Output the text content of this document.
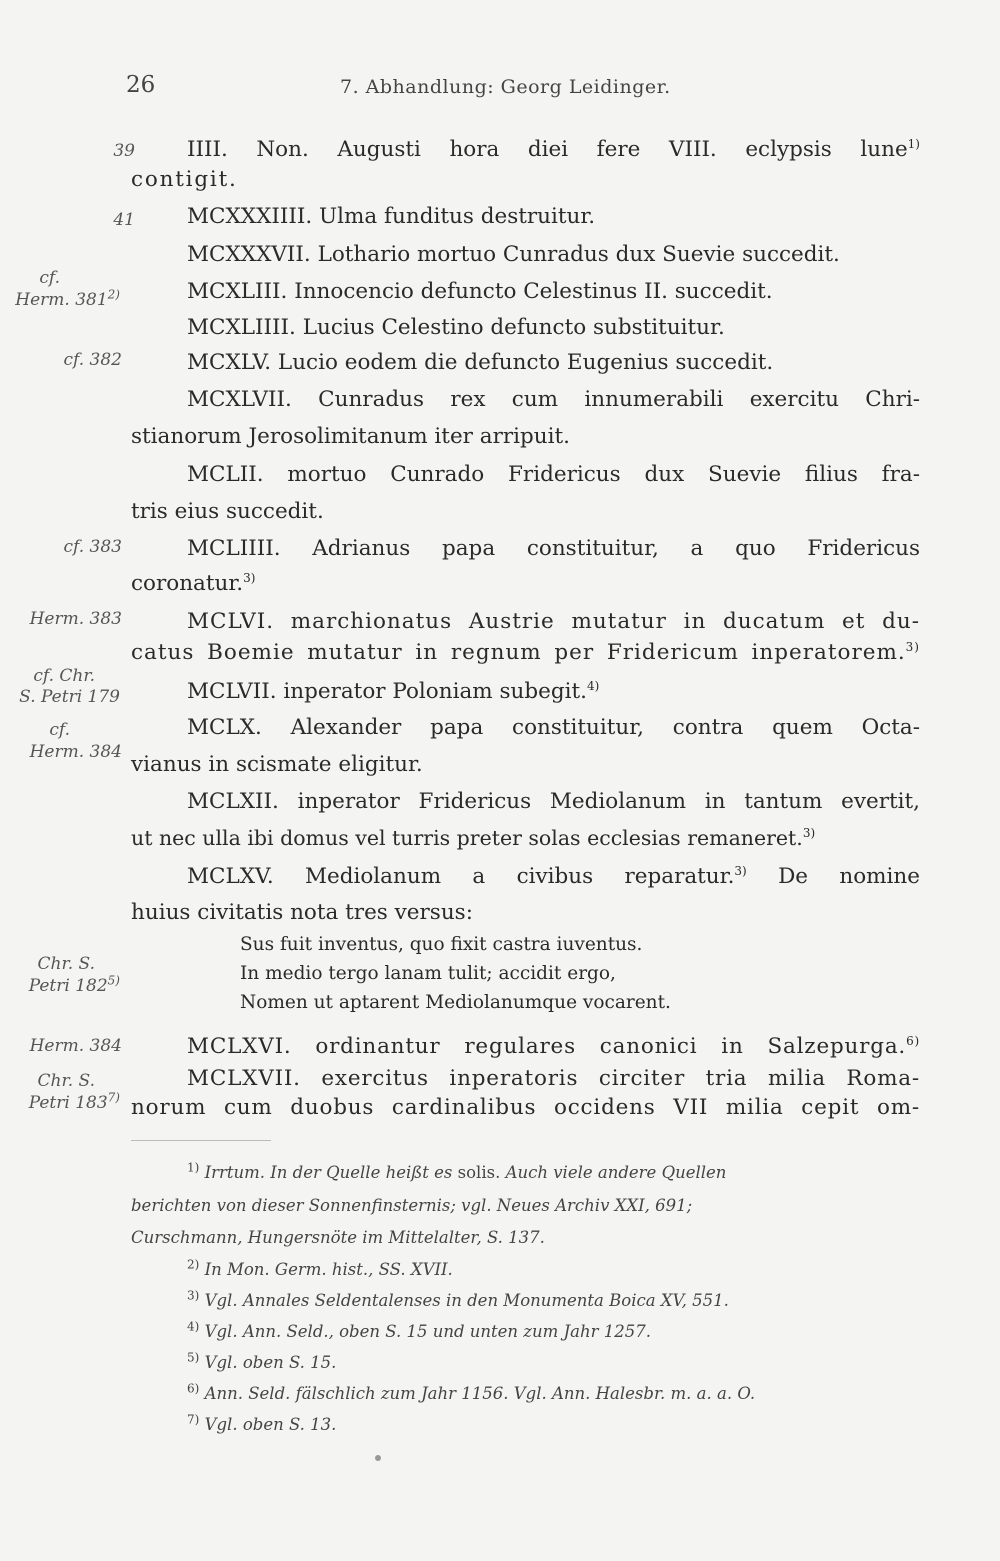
26	7. Abhandlung: Georg Leidinger.
39
41
cf.
Herm. 381$^{2)}$
cf. 382
cf. 383
Herm. 383
cf. Chr.
S. Petri 179
cf.
Herm. 384
Chr. S.
Petri 182$^{5)}$
Herm. 384
Chr. S.
Petri 183$^{7)}$
IIII. Non. Augusti hora diei fere VIII. eclypsis lune$^{1)}$
contigit.
MCXXXIIII. Ulma funditus destruitur.
MCXXXVII. Lothario mortuo Cunradus dux Suevie succedit.
MCXLIII. Innocencio defuncto Celestinus II. succedit.
MCXLIIII. Lucius Celestino defuncto substituitur.
MCXLV. Lucio eodem die defuncto Eugenius succedit.
MCXLVII. Cunradus rex cum innumerabili exercitu Chri-
stianorum Jerosolimitanum iter arripuit.
MCLII. mortuo Cunrado Fridericus dux Suevie filius fra-
tris eius succedit.
MCLIIII. Adrianus papa constituitur, a quo Fridericus
coronatur.$^{3)}$
MCLVI. marchionatus Austrie mutatur in ducatum et du-
catus Boemie mutatur in regnum per Fridericum inperatorem.$^{3)}$
MCLVII. inperator Poloniam subegit.$^{4)}$
MCLX. Alexander papa constituitur, contra quem Octa-
vianus in scismate eligitur.
MCLXII. inperator Fridericus Mediolanum in tantum evertit,
ut nec ulla ibi domus vel turris preter solas ecclesias remaneret.$^{3)}$
MCLXV. Mediolanum a civibus reparatur.$^{3)}$ De nomine
huius civitatis nota tres versus:
Sus fuit inventus, quo fixit castra iuventus.
In medio tergo lanam tulit; accidit ergo,
Nomen ut aptarent Mediolanumque vocarent.
MCLXVI. ordinantur regulares canonici in Salzepurga.$^{6)}$
MCLXVII. exercitus inperatoris circiter tria milia Roma-
norum cum duobus cardinalibus occidens VII milia cepit om-
$^{1)}$ Irrtum. In der Quelle heißt es solis. Auch viele andere Quellen
berichten von dieser Sonnenfinsternis; vgl. Neues Archiv XXI, 691;
Curschmann, Hungersnöte im Mittelalter, S. 137.
$^{2)}$ In Mon. Germ. hist., SS. XVII.
$^{3)}$ Vgl. Annales Seldentalenses in den Monumenta Boica XV, 551.
$^{4)}$ Vgl. Ann. Seld., oben S. 15 und unten zum Jahr 1257.
$^{5)}$ Vgl. oben S. 15.
$^{6)}$ Ann. Seld. fälschlich zum Jahr 1156. Vgl. Ann. Halesbr. m. a. a. O.
$^{7)}$ Vgl. oben S. 13.
